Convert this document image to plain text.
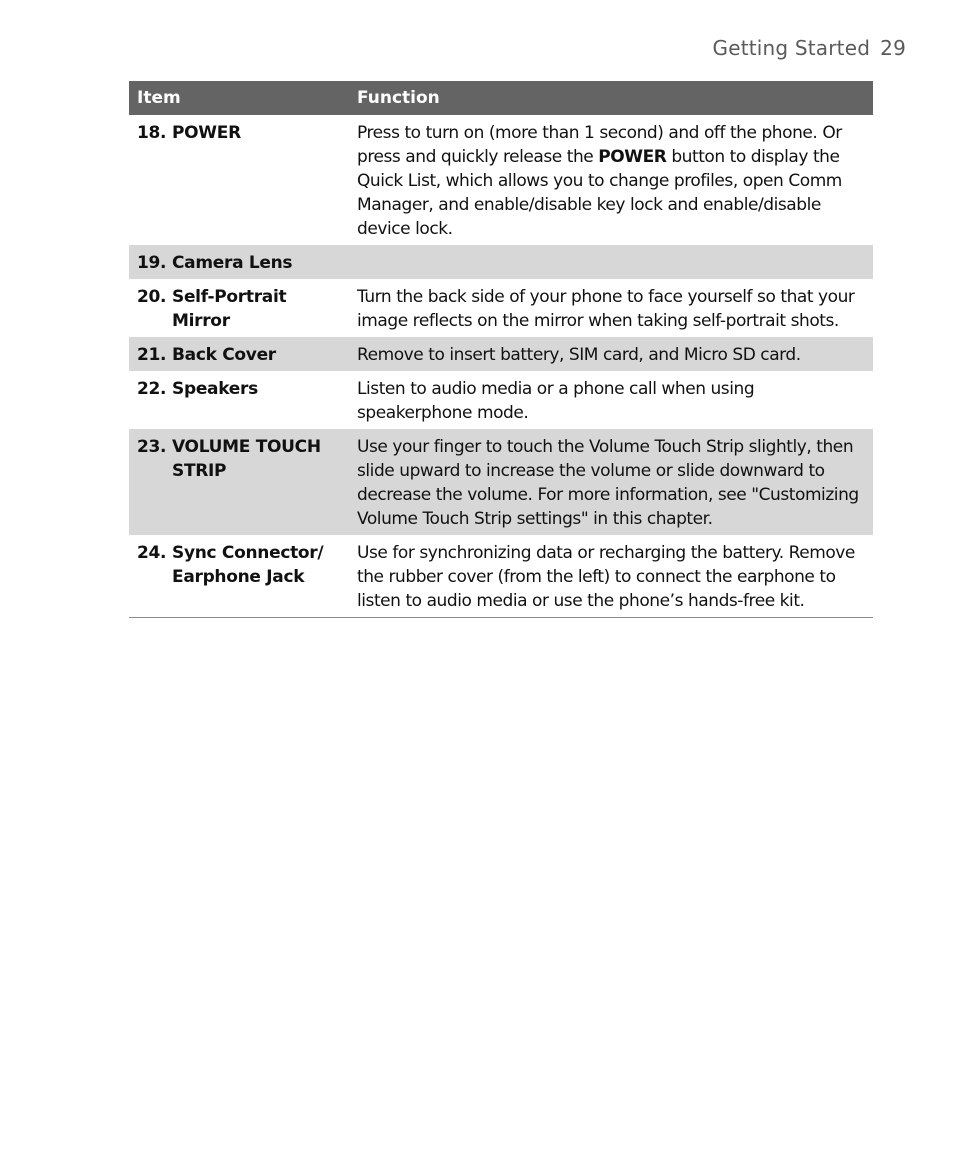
Getting Started 29
Item	Function

18. POWER	Press to turn on (more than 1 second) and off the phone. Or press and quickly release the POWER button to display the Quick List, which allows you to change profiles, open Comm Manager, and enable/disable key lock and enable/disable device lock.

19. Camera Lens	

20. Self-Portrait Mirror	Turn the back side of your phone to face yourself so that your image reflects on the mirror when taking self-portrait shots.

21. Back Cover	Remove to insert battery, SIM card, and Micro SD card.

22. Speakers	Listen to audio media or a phone call when using speakerphone mode.

23. VOLUME TOUCH STRIP	Use your finger to touch the Volume Touch Strip slightly, then slide upward to increase the volume or slide downward to decrease the volume. For more information, see "Customizing Volume Touch Strip settings" in this chapter.

24. Sync Connector/ Earphone Jack	Use for synchronizing data or recharging the battery. Remove the rubber cover (from the left) to connect the earphone to listen to audio media or use the phone’s hands-free kit.
